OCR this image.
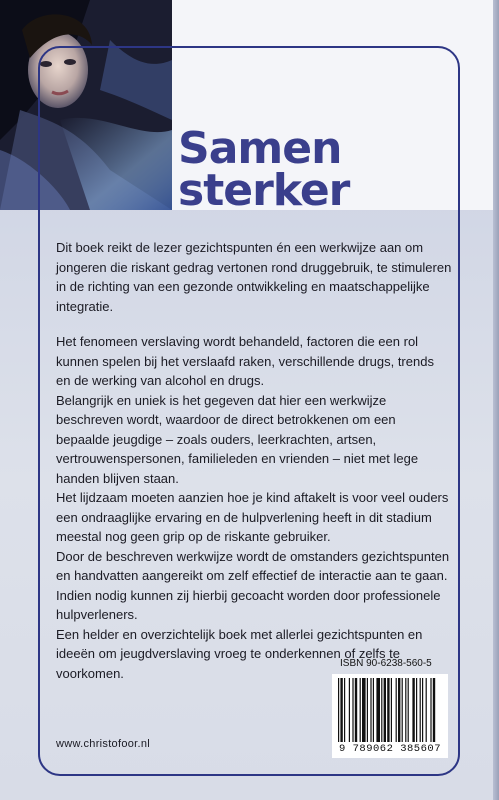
Samen
sterker

Dit boek reikt de lezer gezichtspunten én een werkwijze aan om jongeren die riskant gedrag vertonen rond druggebruik, te stimuleren in de richting van een gezonde ontwikkeling en maatschappelijke integratie.

Het fenomeen verslaving wordt behandeld, factoren die een rol kunnen spelen bij het verslaafd raken, verschillende drugs, trends en de werking van alcohol en drugs.

Belangrijk en uniek is het gegeven dat hier een werkwijze beschreven wordt, waardoor de direct betrokkenen om een bepaalde jeugdige – zoals ouders, leerkrachten, artsen, vertrouwenspersonen, familieleden en vrienden – niet met lege handen blijven staan.

Het lijdzaam moeten aanzien hoe je kind aftakelt is voor veel ouders een ondraaglijke ervaring en de hulpverlening heeft in dit stadium meestal nog geen grip op de riskante gebruiker.

Door de beschreven werkwijze wordt de omstanders gezichtspunten en handvatten aangereikt om zelf effectief de interactie aan te gaan. Indien nodig kunnen zij hierbij gecoacht worden door professionele hulpverleners.

Een helder en overzichtelijk boek met allerlei gezichtspunten en ideeën om jeugdverslaving vroeg te onderkennen of zelfs te voorkomen.

ISBN 90-6238-560-5
9 789062 385607
www.christofoor.nl
